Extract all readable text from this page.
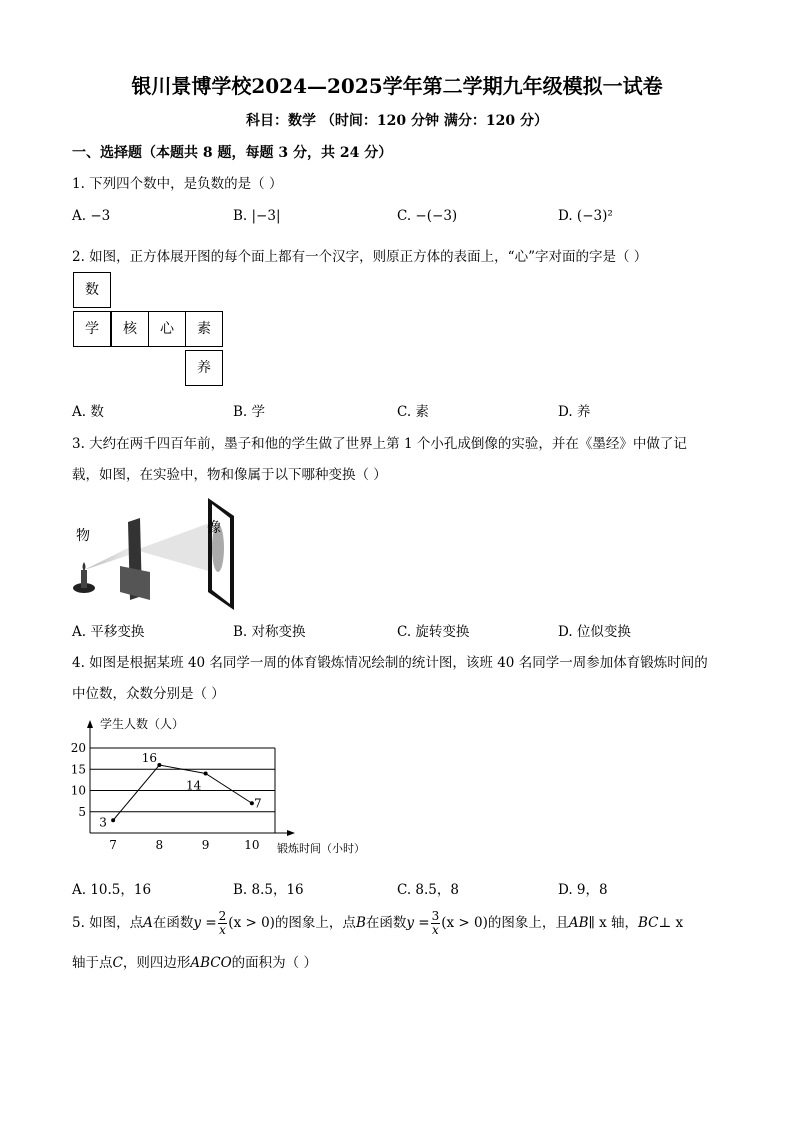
银川景博学校2024—2025学年第二学期九年级模拟一试卷
科目：数学 （时间：120 分钟 满分：120 分）
一、选择题（本题共 8 题，每题 3 分，共 24 分）
1. 下列四个数中，是负数的是（ ）
A. −3	B. |−3|	C. −(−3)	D. (−3)²
2. 如图，正方体展开图的每个面上都有一个汉字，则原正方体的表面上，“心”字对面的字是（ ）
数
学	核	心	素
养
A. 数	B. 学	C. 素	D. 养
3. 大约在两千四百年前，墨子和他的学生做了世界上第 1 个小孔成倒像的实验，并在《墨经》中做了记
载，如图，在实验中，物和像属于以下哪种变换（ ）
物	像
A. 平移变换	B. 对称变换	C. 旋转变换	D. 位似变换
4. 如图是根据某班 40 名同学一周的体育锻炼情况绘制的统计图，该班 40 名同学一周参加体育锻炼时间的
中位数，众数分别是（ ）
5
10
15
20
学生人数（人）
锻炼时间（小时）
7	8	9	10
3
16
14
7
A. 10.5，16	B. 8.5，16	C. 8.5，8	D. 9，8
5. 如图，点A在函数$y = \frac{2}{x} (x > 0)$的图象上，点B在函数$y = \frac{3}{x} (x > 0)$的图象上，且AB∥ x 轴，BC⊥ x
轴于点C，则四边形ABCO的面积为（ ）
